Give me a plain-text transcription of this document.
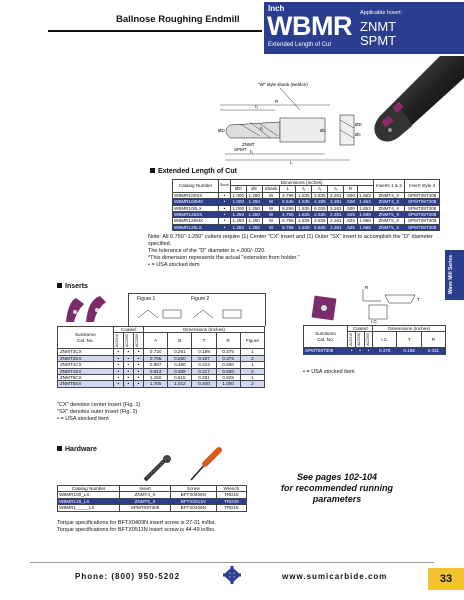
Ballnose Roughing Endmill
Inch
WBMR
Extended Length of Cut
Applicable Insert:
ZNMT
SPMT
"W" style shank (weldon)
R
ℓ₃
ØD	Øc
ℓ₂
ZNMT
SPMT ℓ₁
L
ØD
Øc
Extended Length of Cut
Catalog Number	Stock	Dimensions (Inches)									Inserts 1 & 2	Insert style 4
		ØD	Øc	Shank	L	ℓ₁	ℓ₂	ℓ₃	R			
WBMR100SX	•	1.000	1.250	W	4.796	1.535	2.535	2.261	.500	1.653	ZNMT4_X	SPMT09T308
WBMR100MX	•	1.000	1.250	W	6.546	1.535	4.285	2.261	.500	1.653	ZNMT4_X	SPMT09T308
WBMR100LX	•	1.000	1.250	W	8.296	1.535	6.035	2.261	.500	1.653	ZNMT4_X	SPMT09T308
WBMR125SX	•	1.250	1.250	W	4.796	1.835	2.535	2.261	.625	1.968	ZNMT5_X	SPMT09T308
WBMR125MX	•	1.250	1.250	W	6.796	1.835	4.535	2.261	.625	1.968	ZNMT5_X	SPMT09T308
WBMR125LX	•	1.250	1.250	W	8.796	1.835	6.535	2.261	.625	1.968	ZNMT5_X	SPMT09T308
Note: All 0.750"-1.250" cutters require (1) Center "CX" insert and (1) Outer "SX" insert to accomplish the "D" diameter specified.
The tolerance of the "D" diameter is +.000/-.020.
*This dimension represents the actual "extension from holder."
• = USA stocked item	Wave Mill Series
Inserts
Figure 1	Figure 2
Sumitomo
Cat. No.	Coated			Dimensions (Inches)				

	ACZ310	ACZ330	ACZ350	A	B	T	R	Figure
ZNMT3CX	•	•	•	0.720	0.261	0.189	0.375	1
ZNMT3SX	•	•	•	0.795	0.280	0.187	0.375	2
ZNMT4CX	•	•	•	0.887	0.480	0.224	0.500	1
ZNMT4SX	•	•	•	0.913	0.369	0.217	0.500	2
ZNMT5CX	•	•	•	1.150	0.615	0.281	0.625	1
ZNMT5SX	•	•	•	1.705	1.012	0.400	1.000	2
"CX" denotes center insert (Fig. 1)
"SX" denotes outer insert (Fig. 2)
• = USA stocked item
R
T
I.C.
Sumitomo
Cat. No.	Coated			Dimensions (Inches)		

	ACZ310	ACZ330	ACZ350	I.C.	T	R
SPMT09T308	•	•	•	0.375	0.156	0.031
• = USA stocked item
Hardware
Catalog Number	Insert	Screw	Wrench
WBMR100_LX	ZNMT4_X	BFTX0409N	TRD15
WBMR125_LX	ZNMT5_X	BFTX0511N	TRD20
WBMR1_____LX	SPMT09T308	BFTX0409N	TRD15
Torque specifications for BFTX0409N insert screw is 27-31 in/lbs.
Torque specifications for BFTX0511N insert screw is 44-49 in/lbs.
See pages 102-104
for recommended running
parameters
Phone: (800) 950-5202	www.sumicarbide.com	33
